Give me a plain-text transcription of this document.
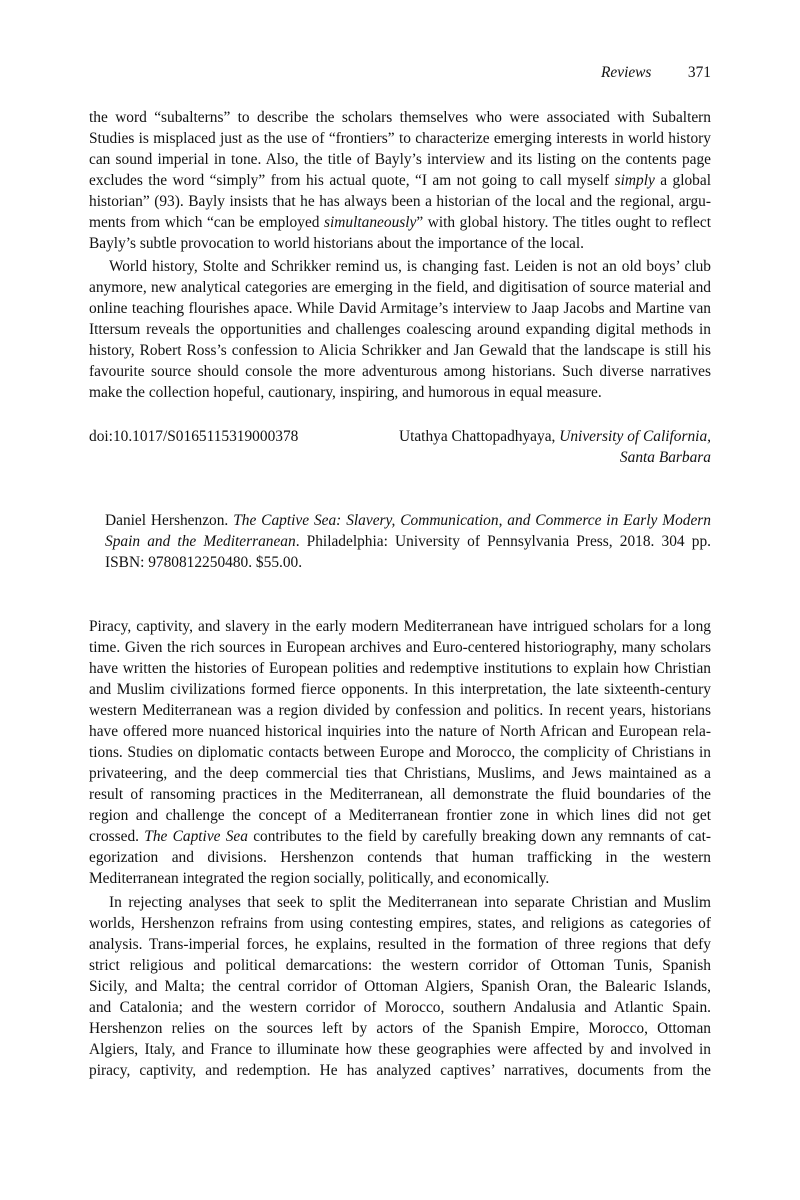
Reviews 371
the word “subalterns” to describe the scholars themselves who were associated with Subaltern
Studies is misplaced just as the use of “frontiers” to characterize emerging interests in world history
can sound imperial in tone. Also, the title of Bayly’s interview and its listing on the contents page
excludes the word “simply” from his actual quote, “I am not going to call myself simply a global
historian” (93). Bayly insists that he has always been a historian of the local and the regional, argu-
ments from which “can be employed simultaneously” with global history. The titles ought to reflect
Bayly’s subtle provocation to world historians about the importance of the local.
World history, Stolte and Schrikker remind us, is changing fast. Leiden is not an old boys’ club
anymore, new analytical categories are emerging in the field, and digitisation of source material and
online teaching flourishes apace. While David Armitage’s interview to Jaap Jacobs and Martine van
Ittersum reveals the opportunities and challenges coalescing around expanding digital methods in
history, Robert Ross’s confession to Alicia Schrikker and Jan Gewald that the landscape is still his
favourite source should console the more adventurous among historians. Such diverse narratives
make the collection hopeful, cautionary, inspiring, and humorous in equal measure.
doi:10.1017/S0165115319000378	Utathya Chattopadhyaya, University of California,
Santa Barbara
Daniel Hershenzon. The Captive Sea: Slavery, Communication, and Commerce in Early Modern
Spain and the Mediterranean. Philadelphia: University of Pennsylvania Press, 2018. 304 pp.
ISBN: 9780812250480. $55.00.
Piracy, captivity, and slavery in the early modern Mediterranean have intrigued scholars for a long
time. Given the rich sources in European archives and Euro-centered historiography, many scholars
have written the histories of European polities and redemptive institutions to explain how Christian
and Muslim civilizations formed fierce opponents. In this interpretation, the late sixteenth-century
western Mediterranean was a region divided by confession and politics. In recent years, historians
have offered more nuanced historical inquiries into the nature of North African and European rela-
tions. Studies on diplomatic contacts between Europe and Morocco, the complicity of Christians in
privateering, and the deep commercial ties that Christians, Muslims, and Jews maintained as a
result of ransoming practices in the Mediterranean, all demonstrate the fluid boundaries of the
region and challenge the concept of a Mediterranean frontier zone in which lines did not get
crossed. The Captive Sea contributes to the field by carefully breaking down any remnants of cat-
egorization and divisions. Hershenzon contends that human trafficking in the western
Mediterranean integrated the region socially, politically, and economically.
In rejecting analyses that seek to split the Mediterranean into separate Christian and Muslim
worlds, Hershenzon refrains from using contesting empires, states, and religions as categories of
analysis. Trans-imperial forces, he explains, resulted in the formation of three regions that defy
strict religious and political demarcations: the western corridor of Ottoman Tunis, Spanish
Sicily, and Malta; the central corridor of Ottoman Algiers, Spanish Oran, the Balearic Islands,
and Catalonia; and the western corridor of Morocco, southern Andalusia and Atlantic Spain.
Hershenzon relies on the sources left by actors of the Spanish Empire, Morocco, Ottoman
Algiers, Italy, and France to illuminate how these geographies were affected by and involved in
piracy, captivity, and redemption. He has analyzed captives’ narratives, documents from the
